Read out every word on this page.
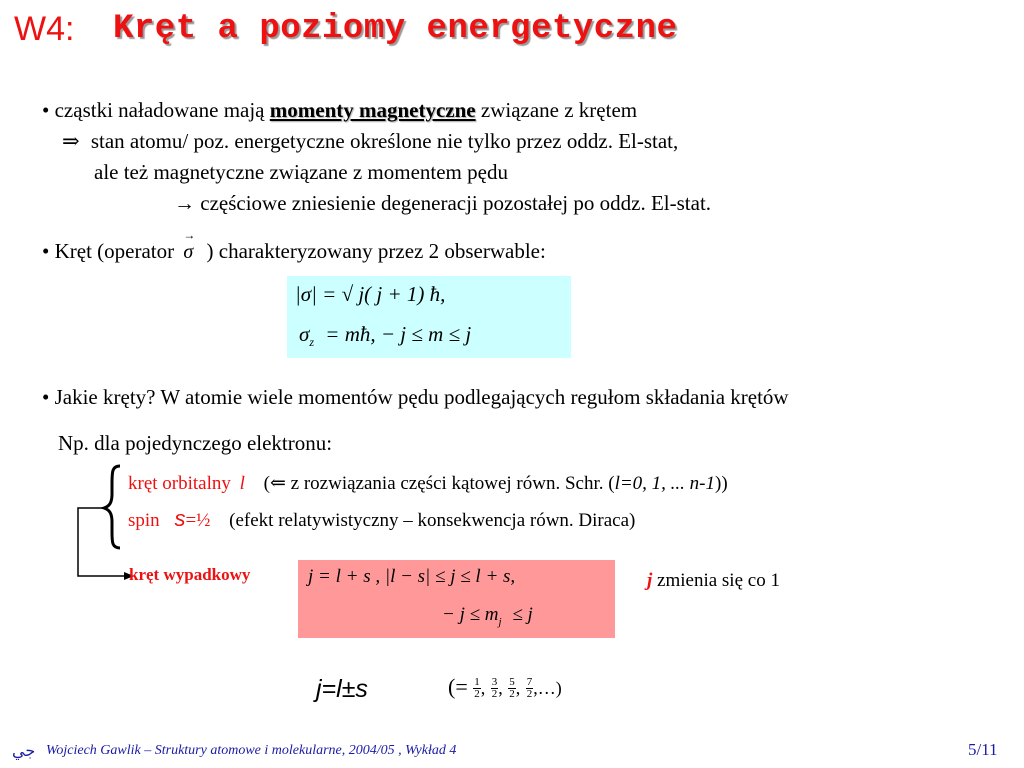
W4: Kręt a poziomy energetyczne
• cząstki naładowane mają momenty magnetyczne związane z krętem
⇒ stan atomu/ poz. energetyczne określone nie tylko przez oddz. El-stat,
ale też magnetyczne związane z momentem pędu
→ częściowe zniesienie degeneracji pozostałej po oddz. El-stat.
• Kręt (operator → σ ) charakteryzowany przez 2 obserwable:
|σ| = √ j( j + 1) ħ,
$\sigma_z$ = mħ, − j ≤ m ≤ j
• Jakie kręty? W atomie wiele momentów pędu podlegających regułom składania krętów
Np. dla pojedynczego elektronu:
kręt orbitalny l (⇐ z rozwiązania części kątowej równ. Schr. (l=0, 1, ... n-1))
spin s=½ (efekt relatywistyczny – konsekwencja równ. Diraca)
kręt wypadkowy	j = l + s , |l − s| ≤ j ≤ l + s,
− $j \le m_j \le j$
j zmienia się co 1
j=l±s	(= $\frac{1}{2}$ , $\frac{3}{2}$ , $\frac{5}{2}$ , $\frac{7}{2}$ ,…)
جي Wojciech Gawlik – Struktury atomowe i molekularne, 2004/05 , Wykład 4	5/11
